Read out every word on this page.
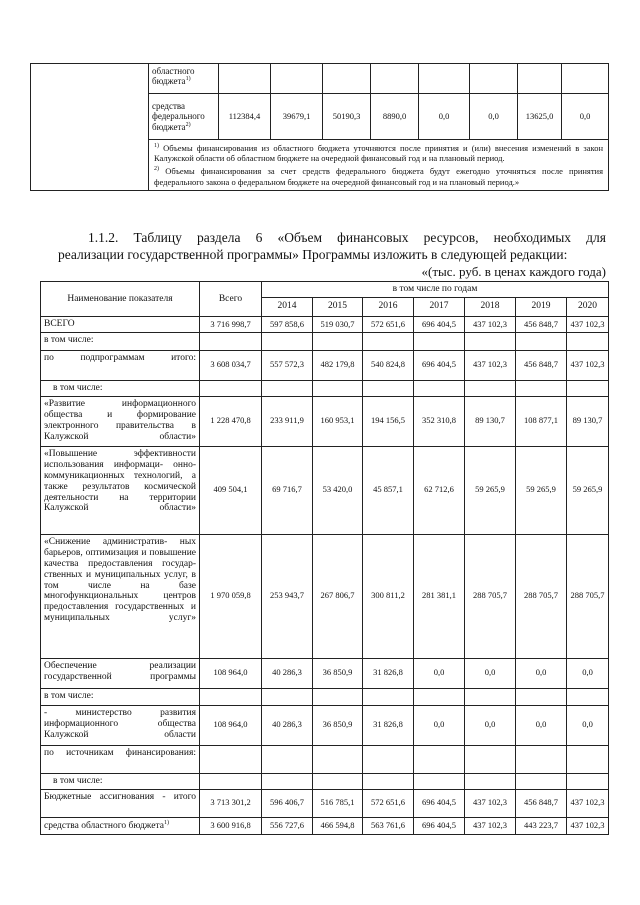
	областного бюджета$^{1)}$								
	средства федерального бюджета$^{2)}$	112384,4	39679,1	50190,3	8890,0	0,0	0,0	13625,0	0,0

	$^{1)}$ Объемы финансирования из областного бюджета уточняются после принятия и (или) внесения изменений в закон Калужской области об областном бюджете на очередной финансовый год и на плановый период.

$^{2)}$ Объемы финансирования за счет средств федерального бюджета будут ежегодно уточняться после принятия федерального закона о федеральном бюджете на очередной финансовый год и на плановый период.»								

1.1.2. Таблицу раздела 6 «Объем финансовых ресурсов, необходимых для
реализации государственной программы» Программы изложить в следующей редакции:
«(тыс. руб. в ценах каждого года)
Наименование показателя	Всего	в том числе по годам						
		2014	2015	2016	2017	2018	2019	2020
ВСЕГО	3 716 998,7	597 858,6	519 030,7	572 651,6	696 404,5	437 102,3	456 848,7	437 102,3
в том числе:								
по подпрограммам итого:	3 608 034,7	557 572,3	482 179,8	540 824,8	696 404,5	437 102,3	456 848,7	437 102,3
в том числе:								
«Развитие информационного общества и формирование электронного правительства в Калужской области»	1 228 470,8	233 911,9	160 953,1	194 156,5	352 310,8	89 130,7	108 877,1	89 130,7
«Повышение эффективности использования информаци- онно-коммуникационных технологий, а также результатов космической деятельности на территории Калужской области»	409 504,1	69 716,7	53 420,0	45 857,1	62 712,6	59 265,9	59 265,9	59 265,9
«Снижение административ- ных барьеров, оптимизация и повышение качества предоставления государ- ственных и муниципальных услуг, в том числе на базе многофункциональных центров предоставления государственных и муниципальных услуг»	1 970 059,8	253 943,7	267 806,7	300 811,2	281 381,1	288 705,7	288 705,7	288 705,7
Обеспечение реализации государственной программы	108 964,0	40 286,3	36 850,9	31 826,8	0,0	0,0	0,0	0,0
в том числе:								
- министерство развития информационного общества Калужской области	108 964,0	40 286,3	36 850,9	31 826,8	0,0	0,0	0,0	0,0
по источникам финансирования:								
в том числе:								
Бюджетные ассигнования - итого	3 713 301,2	596 406,7	516 785,1	572 651,6	696 404,5	437 102,3	456 848,7	437 102,3
средства областного бюджета$^{1)}$	3 600 916,8	556 727,6	466 594,8	563 761,6	696 404,5	437 102,3	443 223,7	437 102,3
